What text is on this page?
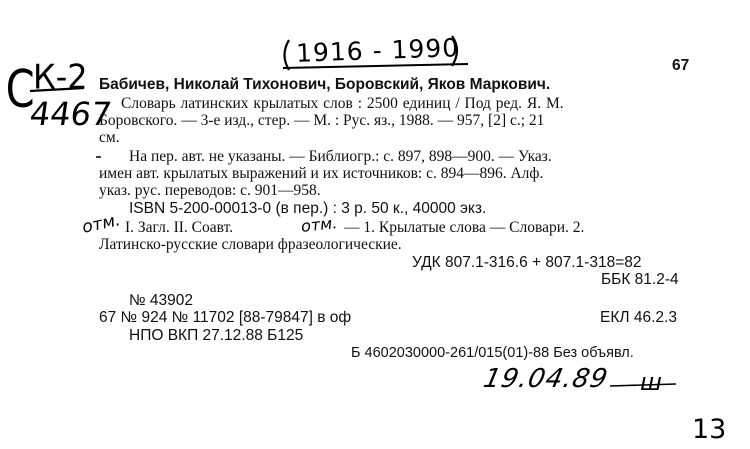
1916 - 1990
С
К-2
4467
отм.	отм.
19.04.89 ш
13
67
Бабичев, Николай Тихонович, Боровский, Яков Маркович.
Словарь латинских крылатых слов : 2500 единиц / Под ред. Я. М.
Боровского. — 3-е изд., стер. — М. : Рус. яз., 1988. — 957, [2] с.; 21
см.
На пер. авт. не указаны. — Библиогр.: с. 897, 898—900. — Указ.
имен авт. крылатых выражений и их источников: с. 894—896. Алф.
указ. рус. переводов: с. 901—958.
ISBN 5-200-00013-0 (в пер.) : 3 р. 50 к., 40000 экз.
I. Загл. II. Соавт.	— 1. Крылатые слова — Словари. 2.
Латинско-русские словари фразеологические.
УДК 807.1-316.6 + 807.1-318=82
ББК 81.2-4
№ 43902
67 № 924 № 11702 [88-79847] в оф	ЕКЛ 46.2.3
НПО ВКП 27.12.88 Б125
Б 4602030000-261/015(01)-88 Без объявл.
